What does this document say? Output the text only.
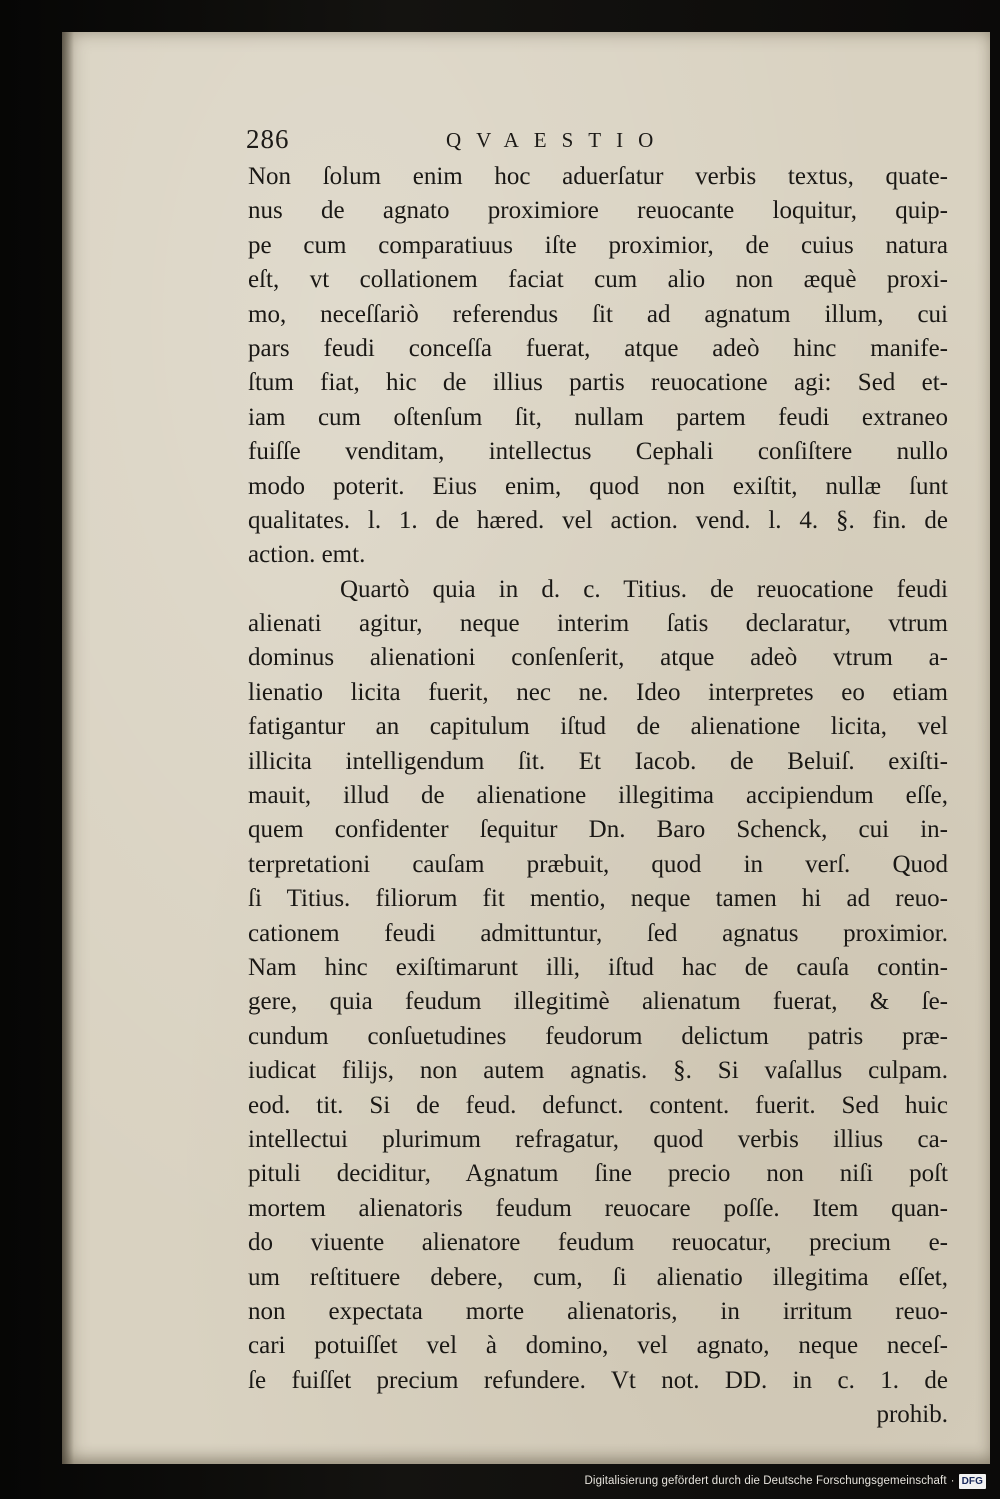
286	QVAESTIO
Non ſolum enim hoc aduerſatur verbis textus, quate-
nus de agnato proximiore reuocante loquitur, quip-
pe cum comparatiuus iſte proximior, de cuius natura
eſt, vt collationem faciat cum alio non æquè proxi-
mo, neceſſariò referendus ſit ad agnatum illum, cui
pars feudi conceſſa fuerat, atque adeò hinc manife-
ſtum fiat, hic de illius partis reuocatione agi: Sed et-
iam cum oſtenſum ſit, nullam partem feudi extraneo
fuiſſe venditam, intellectus Cephali conſiſtere nullo
modo poterit. Eius enim, quod non exiſtit, nullæ ſunt
qualitates. l. 1. de hæred. vel action. vend. l. 4. §. fin. de
action. emt.
Quartò quia in d. c. Titius. de reuocatione feudi
alienati agitur, neque interim ſatis declaratur, vtrum
dominus alienationi conſenſerit, atque adeò vtrum a-
lienatio licita fuerit, nec ne. Ideo interpretes eo etiam
fatigantur an capitulum iſtud de alienatione licita, vel
illicita intelligendum ſit. Et Iacob. de Beluiſ. exiſti-
mauit, illud de alienatione illegitima accipiendum eſſe,
quem confidenter ſequitur Dn. Baro Schenck, cui in-
terpretationi cauſam præbuit, quod in verſ. Quod
ſi Titius. filiorum fit mentio, neque tamen hi ad reuo-
cationem feudi admittuntur, ſed agnatus proximior.
Nam hinc exiſtimarunt illi, iſtud hac de cauſa contin-
gere, quia feudum illegitimè alienatum fuerat, & ſe-
cundum conſuetudines feudorum delictum patris præ-
iudicat filijs, non autem agnatis. §. Si vaſallus culpam.
eod. tit. Si de feud. defunct. content. fuerit. Sed huic
intellectui plurimum refragatur, quod verbis illius ca-
pituli deciditur, Agnatum ſine precio non niſi poſt
mortem alienatoris feudum reuocare poſſe. Item quan-
do viuente alienatore feudum reuocatur, precium e-
um reſtituere debere, cum, ſi alienatio illegitima eſſet,
non expectata morte alienatoris, in irritum reuo-
cari potuiſſet vel à domino, vel agnato, neque neceſ-
ſe fuiſſet precium refundere. Vt not. DD. in c. 1. de
prohib.
Digitalisierung gefördert durch die Deutsche Forschungsgemeinschaft · DFG
